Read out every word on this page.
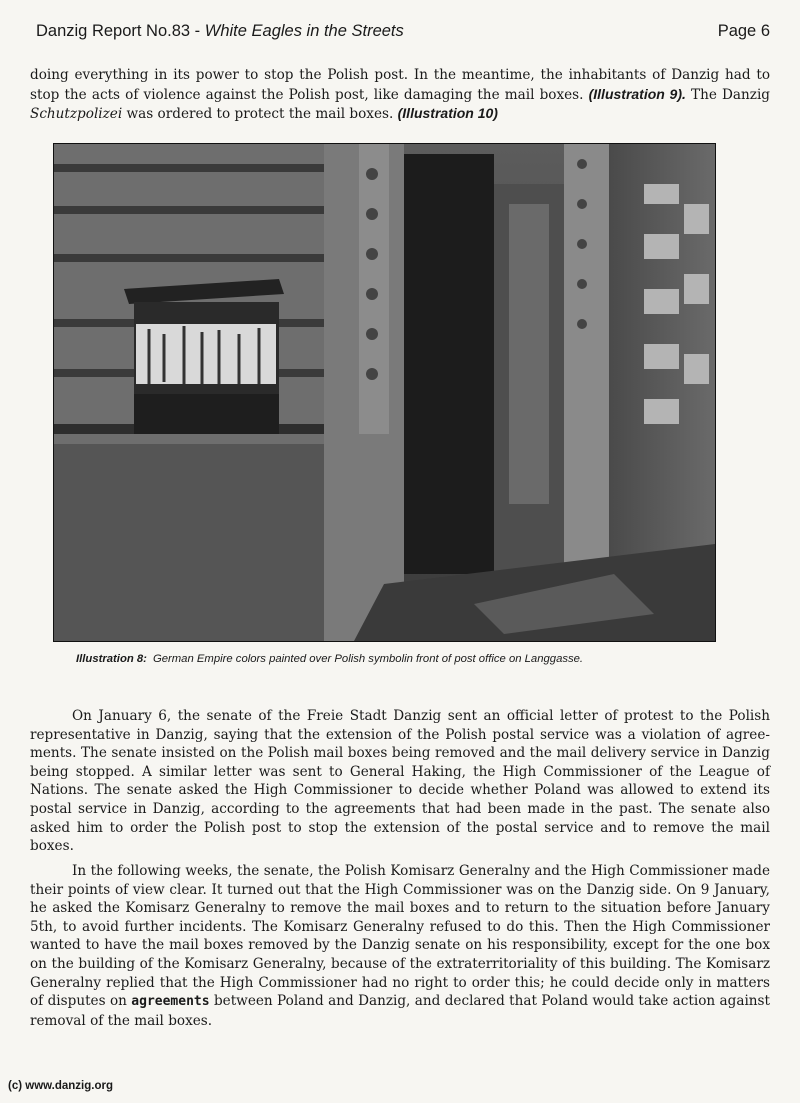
Danzig Report No.83 - White Eagles in the Streets	Page 6
doing everything in its power to stop the Polish post. In the meantime, the inhabitants of Danzig had to stop the acts of violence against the Polish post, like damaging the mail boxes. (Illustration 9). The Danzig Schutzpolizei was ordered to protect the mail boxes. (Illustration 10)
Illustration 8: German Empire colors painted over Polish symbolin front of post office on Langgasse.
On January 6, the senate of the Freie Stadt Danzig sent an official letter of protest to the Polish representative in Danzig, saying that the extension of the Polish postal service was a violation of agree-ments. The senate insisted on the Polish mail boxes being removed and the mail delivery service in Danzig being stopped. A similar letter was sent to General Haking, the High Commissioner of the League of Nations. The senate asked the High Commissioner to decide whether Poland was allowed to extend its postal service in Danzig, according to the agreements that had been made in the past. The senate also asked him to order the Polish post to stop the extension of the postal service and to remove the mail boxes.
In the following weeks, the senate, the Polish Komisarz Generalny and the High Commissioner made their points of view clear. It turned out that the High Commissioner was on the Danzig side. On 9 January, he asked the Komisarz Generalny to remove the mail boxes and to return to the situation before January 5th, to avoid further incidents. The Komisarz Generalny refused to do this. Then the High Commissioner wanted to have the mail boxes removed by the Danzig senate on his responsibility, except for the one box on the building of the Komisarz Generalny, because of the extraterritoriality of this building. The Komisarz Generalny replied that the High Commissioner had no right to order this; he could decide only in matters of disputes on agreements between Poland and Danzig, and declared that Poland would take action against removal of the mail boxes.
(c) www.danzig.org
